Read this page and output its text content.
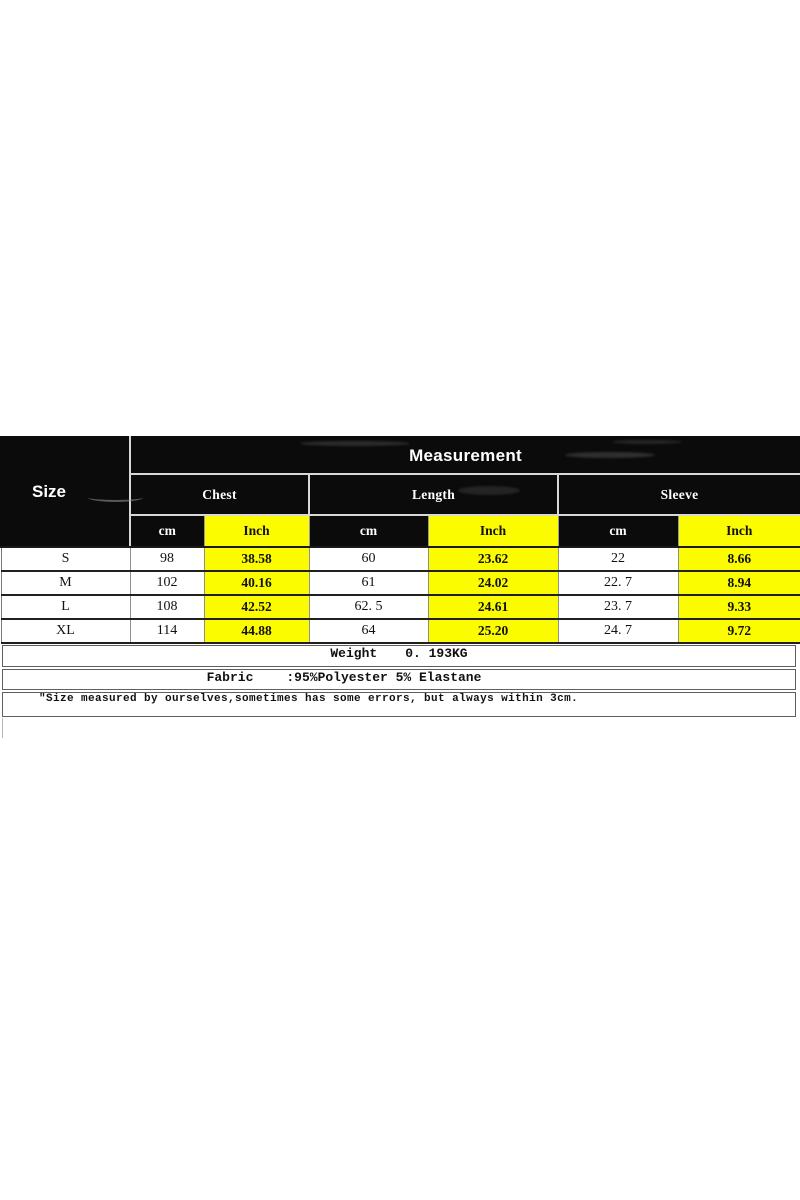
Size	Measurement					
	Chest		Length		Sleeve	
	cm	Inch	cm	Inch	cm	Inch
S	98	38.58	60	23.62	22	8.66
M	102	40.16	61	24.02	22. 7	8.94
L	108	42.52	62. 5	24.61	23. 7	9.33
XL	114	44.88	64	25.20	24. 7	9.72
Weight 0. 193KG
Fabric	:95%Polyester 5% Elastane
″Size measured by ourselves,sometimes has some errors, but always within 3cm.
